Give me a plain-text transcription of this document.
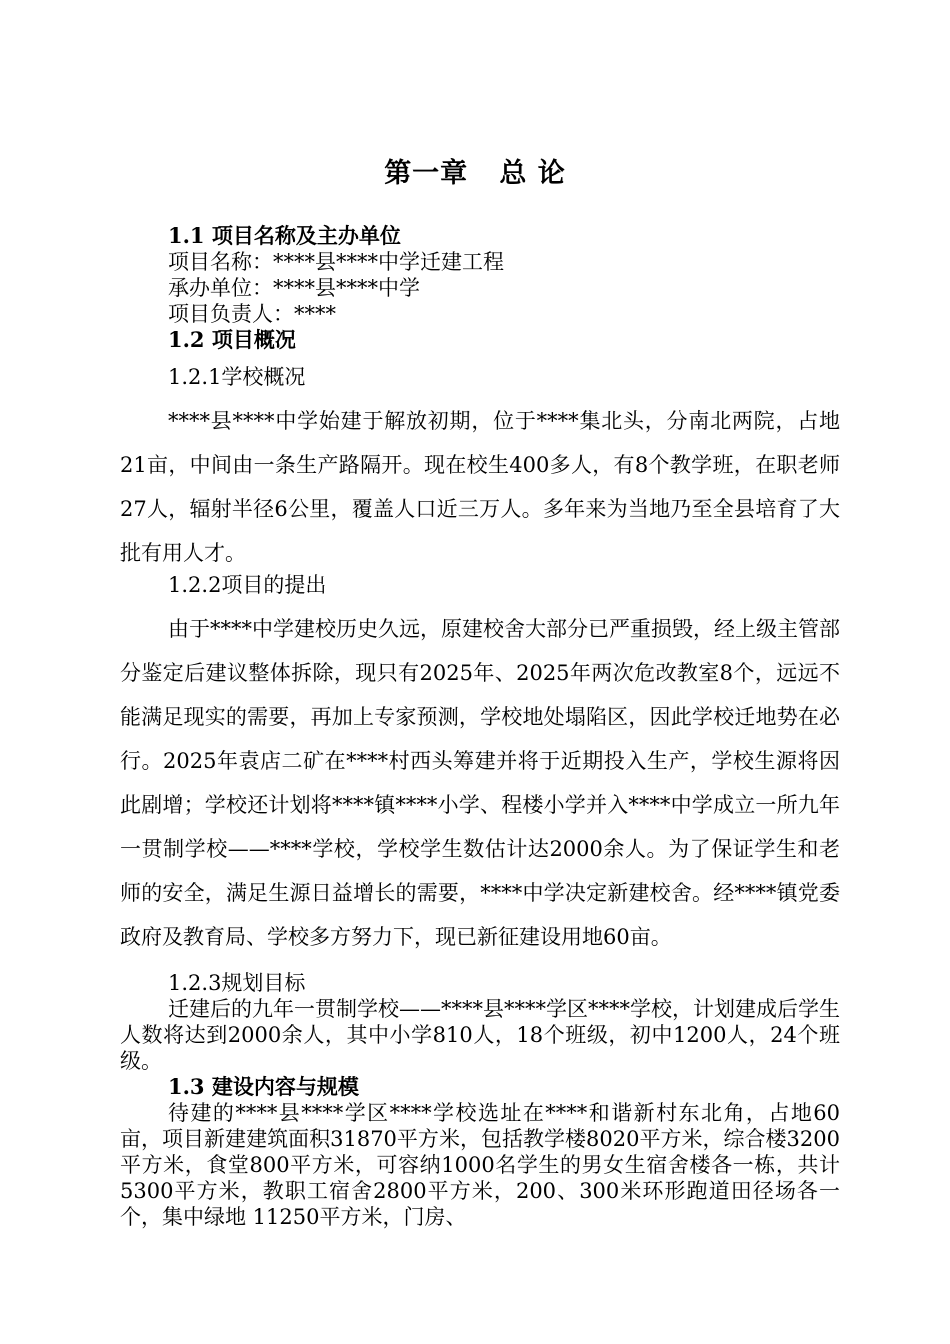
第一章   总 论
1.1 项目名称及主办单位
项目名称：****县****中学迁建工程
承办单位：****县****中学
项目负责人：****
1.2 项目概况
1.2.1学校概况
****县****中学始建于解放初期，位于****集北头，分南北两院，占地21亩，中间由一条生产路隔开。现在校生400多人，有8个教学班，在职老师27人，辐射半径6公里，覆盖人口近三万人。多年来为当地乃至全县培育了大批有用人才。
1.2.2项目的提出
由于****中学建校历史久远，原建校舍大部分已严重损毁，经上级主管部分鉴定后建议整体拆除，现只有2025年、2025年两次危改教室8个，远远不能满足现实的需要，再加上专家预测，学校地处塌陷区，因此学校迁地势在必行。2025年袁店二矿在****村西头筹建并将于近期投入生产，学校生源将因此剧增；学校还计划将****镇****小学、程楼小学并入****中学成立一所九年一贯制学校——****学校，学校学生数估计达2000余人。为了保证学生和老师的安全，满足生源日益增长的需要，****中学决定新建校舍。经****镇党委政府及教育局、学校多方努力下，现已新征建设用地60亩。
1.2.3规划目标
迁建后的九年一贯制学校——****县****学区****学校，计划建成后学生人数将达到2000余人，其中小学810人，18个班级，初中1200人，24个班级。
1.3 建设内容与规模
待建的****县****学区****学校选址在****和谐新村东北角，占地60亩，项目新建建筑面积31870平方米，包括教学楼8020平方米，综合楼3200平方米，食堂800平方米，可容纳1000名学生的男女生宿舍楼各一栋，共计5300平方米，教职工宿舍2800平方米，200、300米环形跑道田径场各一个，集中绿地 11250平方米，门房、
